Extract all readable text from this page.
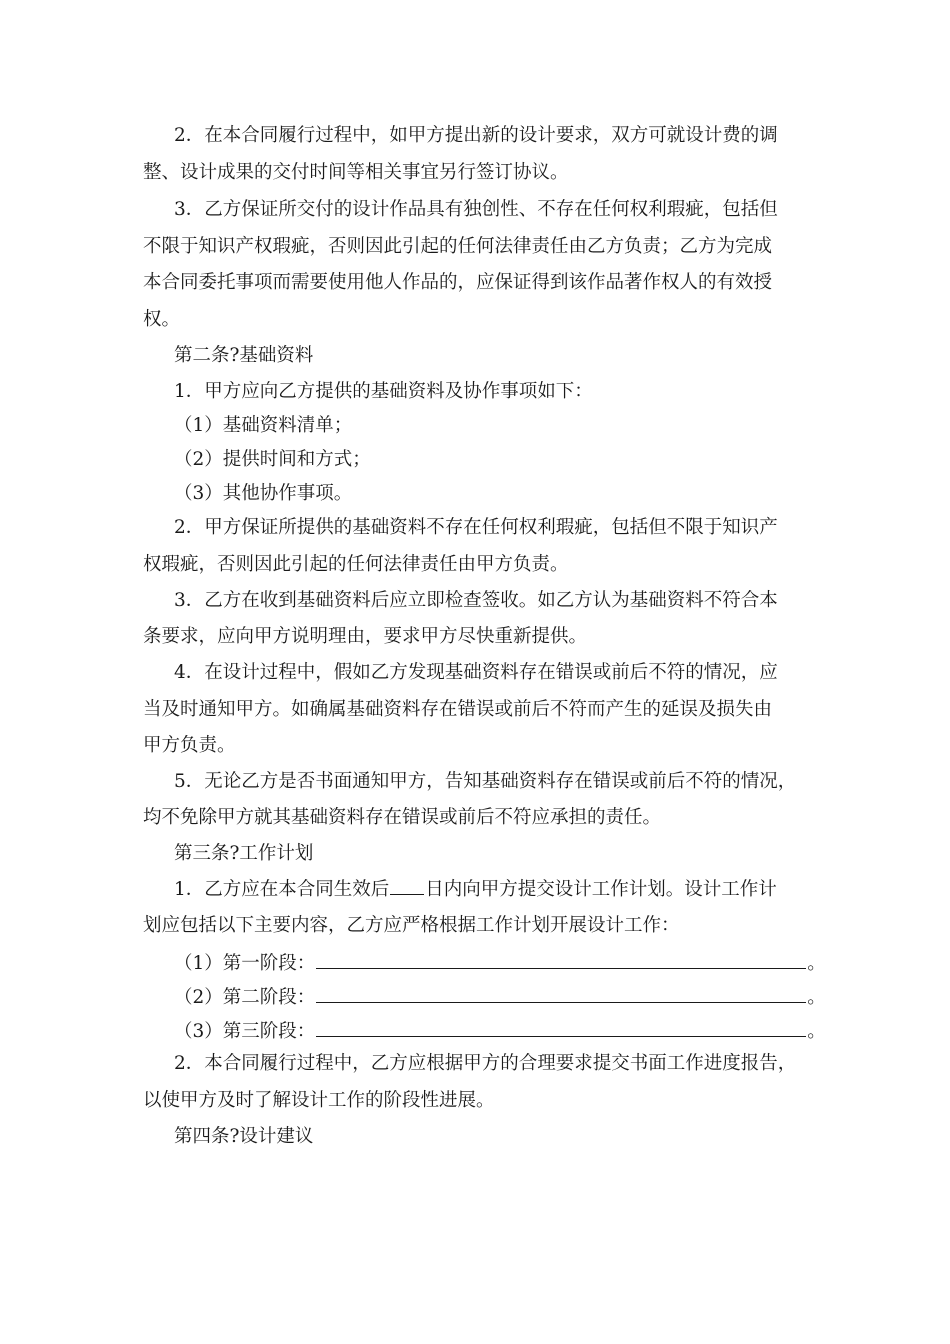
2．在本合同履行过程中，如甲方提出新的设计要求，双方可就设计费的调
整、设计成果的交付时间等相关事宜另行签订协议。
3．乙方保证所交付的设计作品具有独创性、不存在任何权利瑕疵，包括但
不限于知识产权瑕疵，否则因此引起的任何法律责任由乙方负责；乙方为完成
本合同委托事项而需要使用他人作品的，应保证得到该作品著作权人的有效授
权。
第二条?基础资料
1．甲方应向乙方提供的基础资料及协作事项如下：
（1）基础资料清单；
（2）提供时间和方式；
（3）其他协作事项。
2．甲方保证所提供的基础资料不存在任何权利瑕疵，包括但不限于知识产
权瑕疵，否则因此引起的任何法律责任由甲方负责。
3．乙方在收到基础资料后应立即检查签收。如乙方认为基础资料不符合本
条要求，应向甲方说明理由，要求甲方尽快重新提供。
4．在设计过程中，假如乙方发现基础资料存在错误或前后不符的情况，应
当及时通知甲方。如确属基础资料存在错误或前后不符而产生的延误及损失由
甲方负责。
5．无论乙方是否书面通知甲方，告知基础资料存在错误或前后不符的情况，
均不免除甲方就其基础资料存在错误或前后不符应承担的责任。
第三条?工作计划
1．乙方应在本合同生效后 日内向甲方提交设计工作计划。设计工作计
划应包括以下主要内容，乙方应严格根据工作计划开展设计工作：
（1）第一阶段：	。
（2）第二阶段：	。
（3）第三阶段：	。
2．本合同履行过程中，乙方应根据甲方的合理要求提交书面工作进度报告，
以使甲方及时了解设计工作的阶段性进展。
第四条?设计建议
